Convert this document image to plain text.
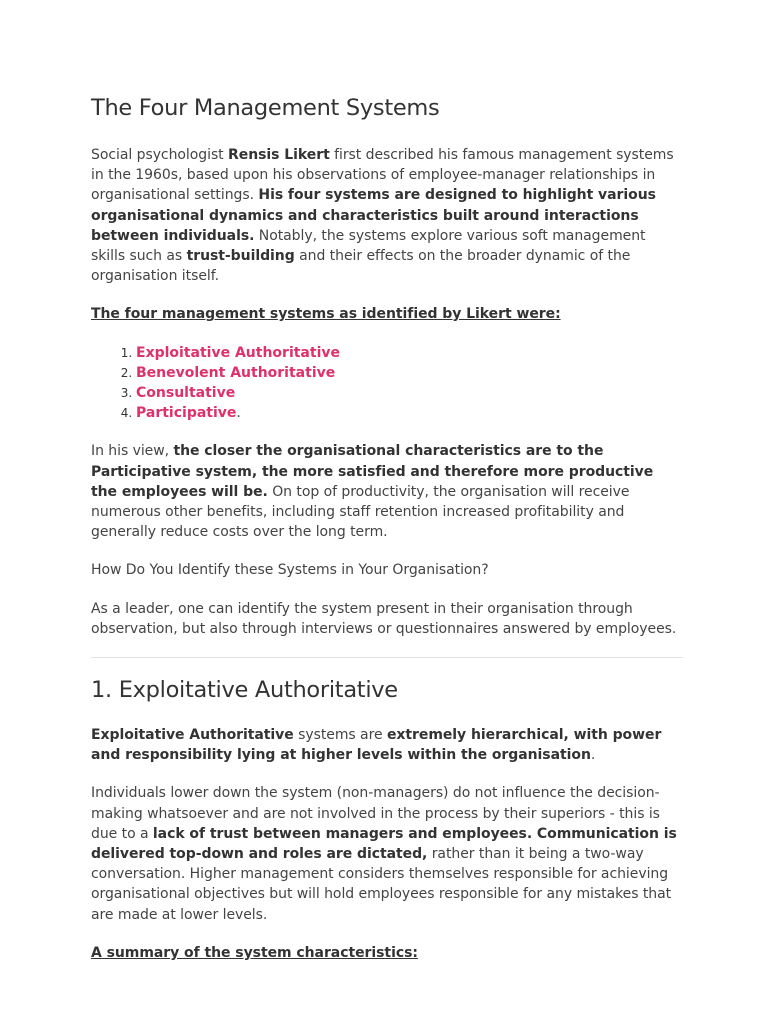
The Four Management Systems

Social psychologist Rensis Likert first described his famous management systems in the 1960s, based upon his observations of employee-manager relationships in organisational settings. His four systems are designed to highlight various organisational dynamics and characteristics built around interactions between individuals. Notably, the systems explore various soft management skills such as trust-building and their effects on the broader dynamic of the organisation itself.

The four management systems as identified by Likert were:

1. Exploitative Authoritative
2. Benevolent Authoritative
3. Consultative
4. Participative.

In his view, the closer the organisational characteristics are to the Participative system, the more satisfied and therefore more productive the employees will be. On top of productivity, the organisation will receive numerous other benefits, including staff retention increased profitability and generally reduce costs over the long term.

How Do You Identify these Systems in Your Organisation?

As a leader, one can identify the system present in their organisation through observation, but also through interviews or questionnaires answered by employees.

1. Exploitative Authoritative

Exploitative Authoritative systems are extremely hierarchical, with power and responsibility lying at higher levels within the organisation.

Individuals lower down the system (non-managers) do not influence the decision-making whatsoever and are not involved in the process by their superiors - this is due to a lack of trust between managers and employees. Communication is delivered top-down and roles are dictated, rather than it being a two-way conversation. Higher management considers themselves responsible for achieving organisational objectives but will hold employees responsible for any mistakes that are made at lower levels.

A summary of the system characteristics:
